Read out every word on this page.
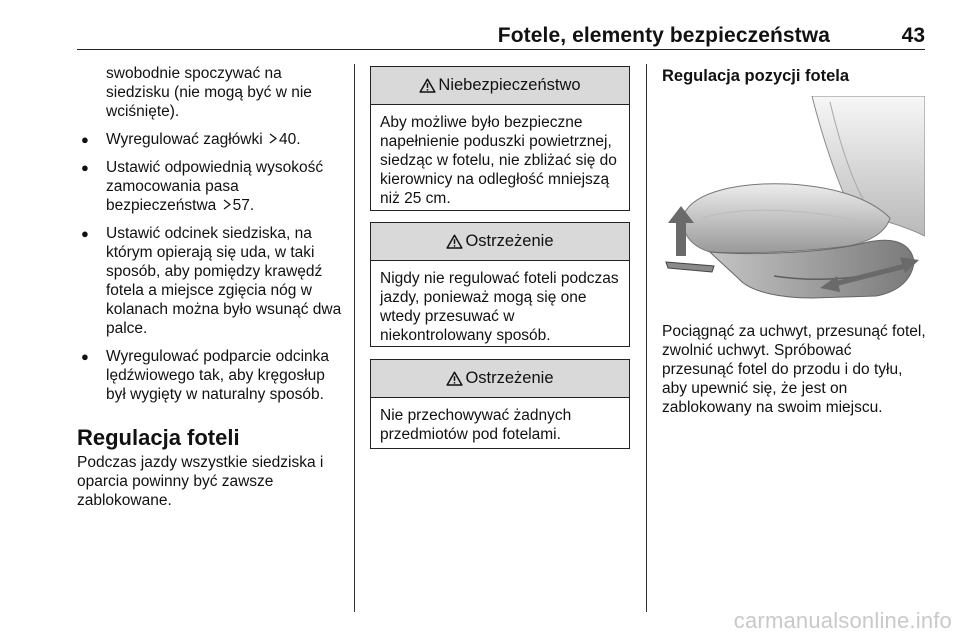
Fotele, elementy bezpieczeństwa	43
swobodnie spoczywać na siedzisku (nie mogą być w nie wciśnięte).
● Wyregulować zagłówki 40.
● Ustawić odpowiednią wysokość zamocowania pasa bezpieczeństwa 57.
● Ustawić odcinek siedziska, na którym opierają się uda, w taki sposób, aby pomiędzy krawędź fotela a miejsce zgięcia nóg w kolanach można było wsunąć dwa palce.
● Wyregulować podparcie odcinka lędźwiowego tak, aby kręgosłup był wygięty w naturalny sposób.
Regulacja foteli
Podczas jazdy wszystkie siedziska i oparcia powinny być zawsze zablokowane.
Niebezpieczeństwo
Aby możliwe było bezpieczne napełnienie poduszki powietrznej, siedząc w fotelu, nie zbliżać się do kierownicy na odległość mniejszą niż 25 cm.
Ostrzeżenie
Nigdy nie regulować foteli podczas jazdy, ponieważ mogą się one wtedy przesuwać w niekontrolowany sposób.
Ostrzeżenie
Nie przechowywać żadnych przedmiotów pod fotelami.
Regulacja pozycji fotela
Pociągnąć za uchwyt, przesunąć fotel, zwolnić uchwyt. Spróbować przesunąć fotel do przodu i do tyłu, aby upewnić się, że jest on zablokowany na swoim miejscu.
carmanualsonline.info
